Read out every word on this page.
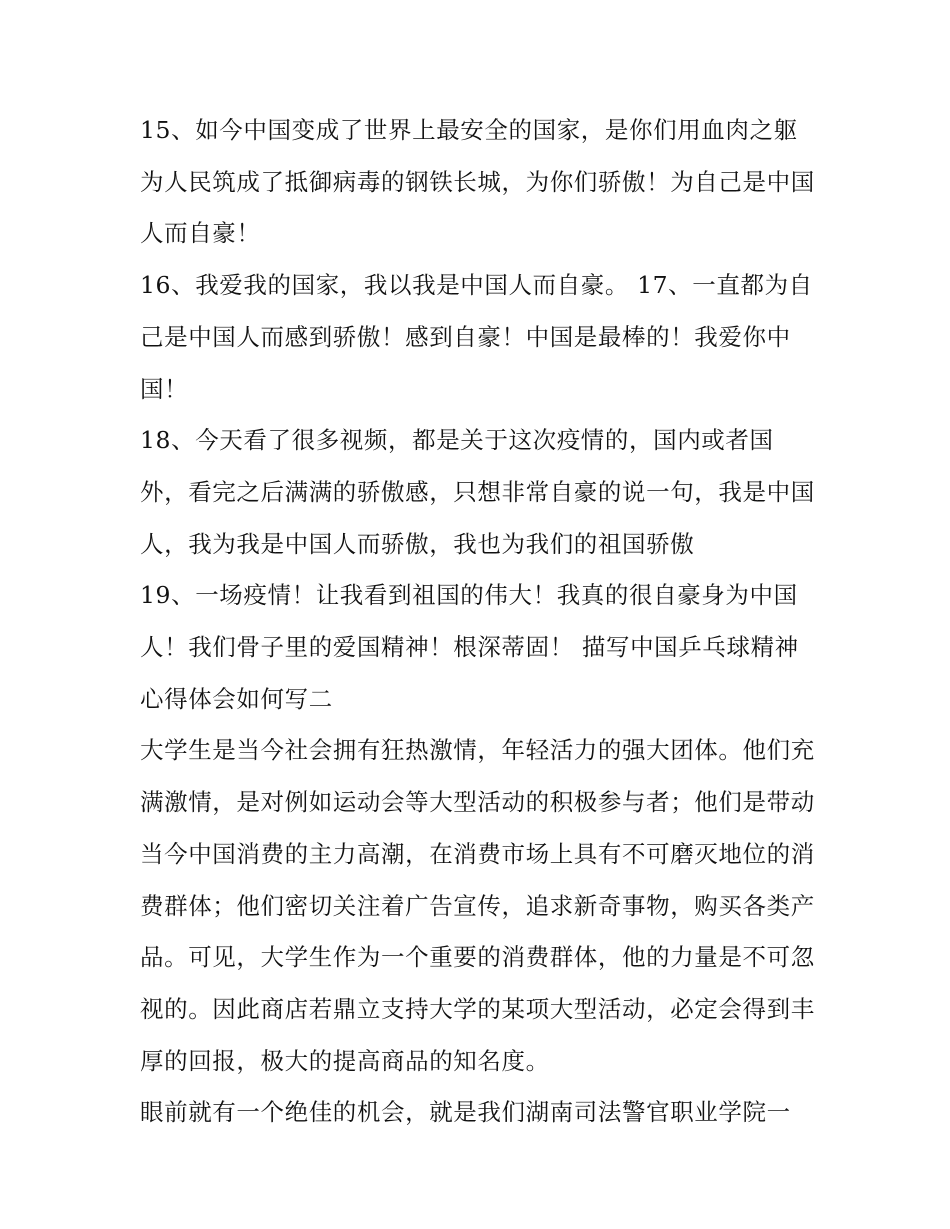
15、如今中国变成了世界上最安全的国家，是你们用血肉之躯为人民筑成了抵御病毒的钢铁长城，为你们骄傲！为自己是中国人而自豪！

16、我爱我的国家，我以我是中国人而自豪。 17、一直都为自己是中国人而感到骄傲！感到自豪！中国是最棒的！我爱你中国！

18、今天看了很多视频，都是关于这次疫情的，国内或者国外，看完之后满满的骄傲感，只想非常自豪的说一句，我是中国人，我为我是中国人而骄傲，我也为我们的祖国骄傲

19、一场疫情！让我看到祖国的伟大！我真的很自豪身为中国人！我们骨子里的爱国精神！根深蒂固！ 描写中国乒乓球精神心得体会如何写二

大学生是当今社会拥有狂热激情，年轻活力的强大团体。他们充满激情，是对例如运动会等大型活动的积极参与者；他们是带动当今中国消费的主力高潮，在消费市场上具有不可磨灭地位的消费群体；他们密切关注着广告宣传，追求新奇事物，购买各类产品。可见，大学生作为一个重要的消费群体，他的力量是不可忽视的。因此商店若鼎立支持大学的某项大型活动，必定会得到丰厚的回报，极大的提高商品的知名度。

眼前就有一个绝佳的机会，就是我们湖南司法警官职业学院一
